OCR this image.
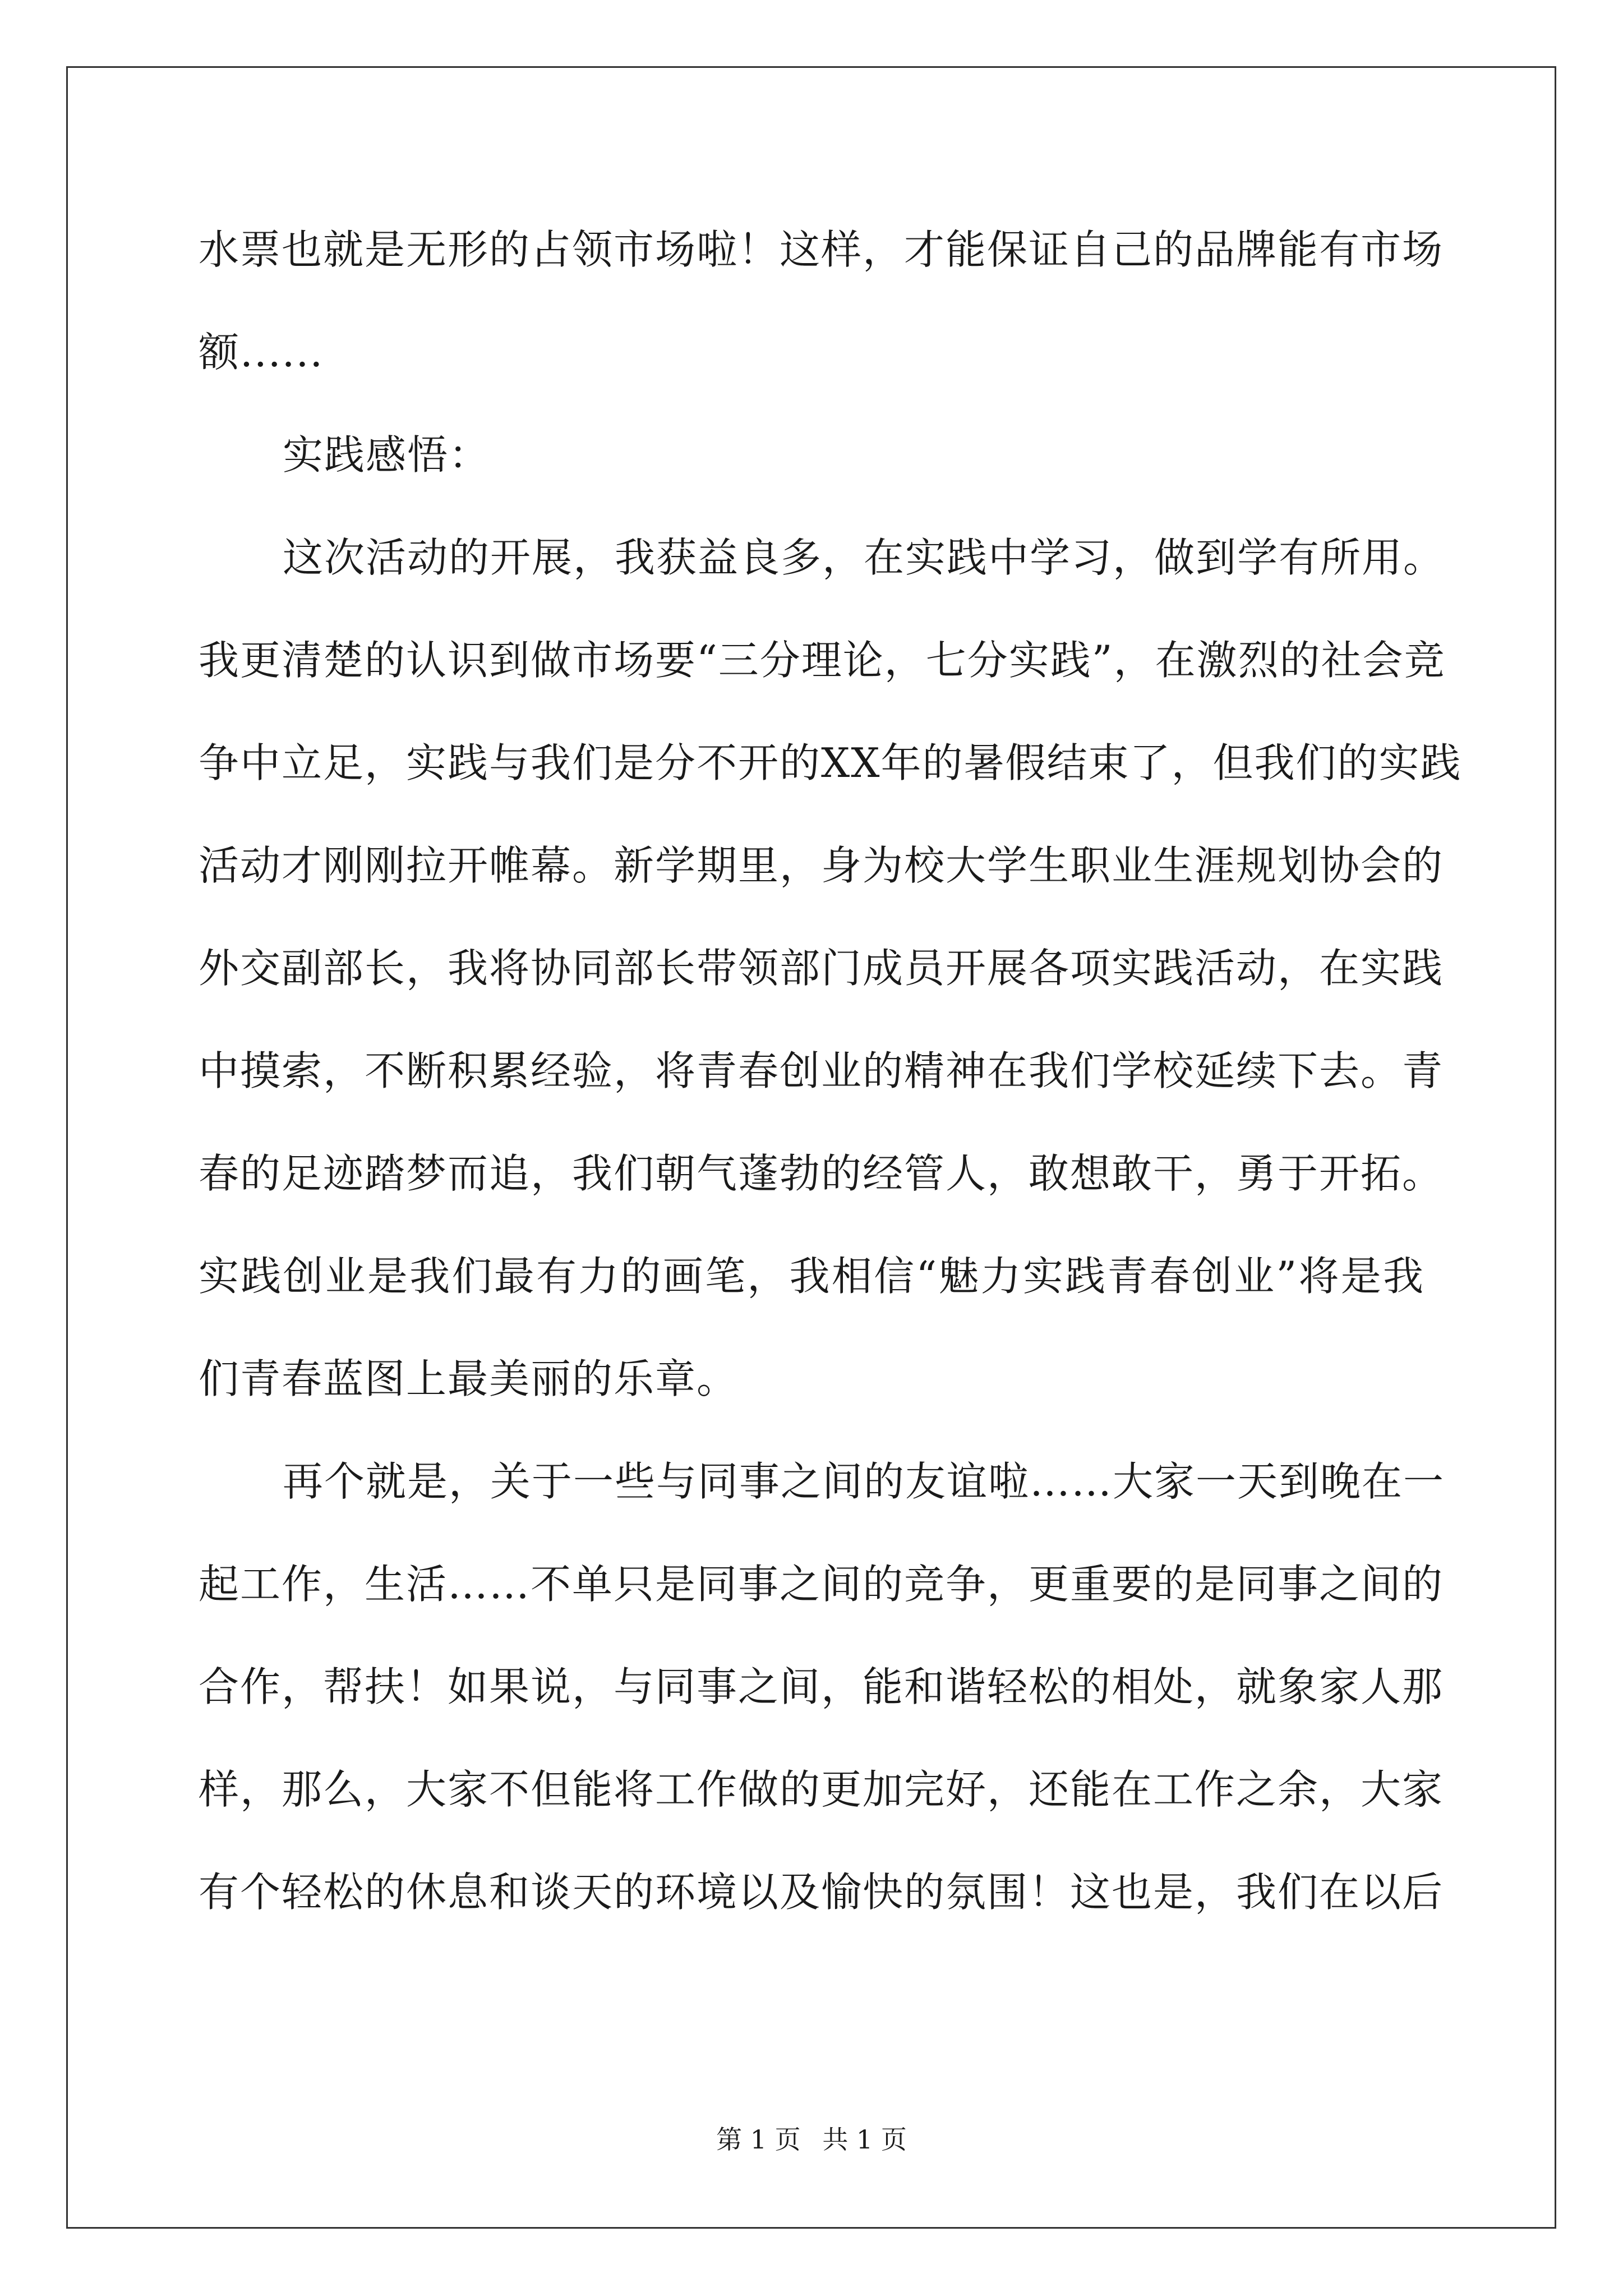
水票也就是无形的占领市场啦！这样，才能保证自己的品牌能有市场
额......
实践感悟：
这次活动的开展，我获益良多，在实践中学习，做到学有所用。
我更清楚的认识到做市场要“三分理论，七分实践”，在激烈的社会竞
争中立足，实践与我们是分不开的XX年的暑假结束了，但我们的实践
活动才刚刚拉开帷幕。新学期里，身为校大学生职业生涯规划协会的
外交副部长，我将协同部长带领部门成员开展各项实践活动，在实践
中摸索，不断积累经验，将青春创业的精神在我们学校延续下去。青
春的足迹踏梦而追，我们朝气蓬勃的经管人，敢想敢干，勇于开拓。
实践创业是我们最有力的画笔，我相信“魅力实践青春创业”将是我
们青春蓝图上最美丽的乐章。
再个就是，关于一些与同事之间的友谊啦……大家一天到晚在一
起工作，生活……不单只是同事之间的竞争，更重要的是同事之间的
合作，帮扶！如果说，与同事之间，能和谐轻松的相处，就象家人那
样，那么，大家不但能将工作做的更加完好，还能在工作之余，大家
有个轻松的休息和谈天的环境以及愉快的氛围！这也是，我们在以后
第 1 页 共 1 页
